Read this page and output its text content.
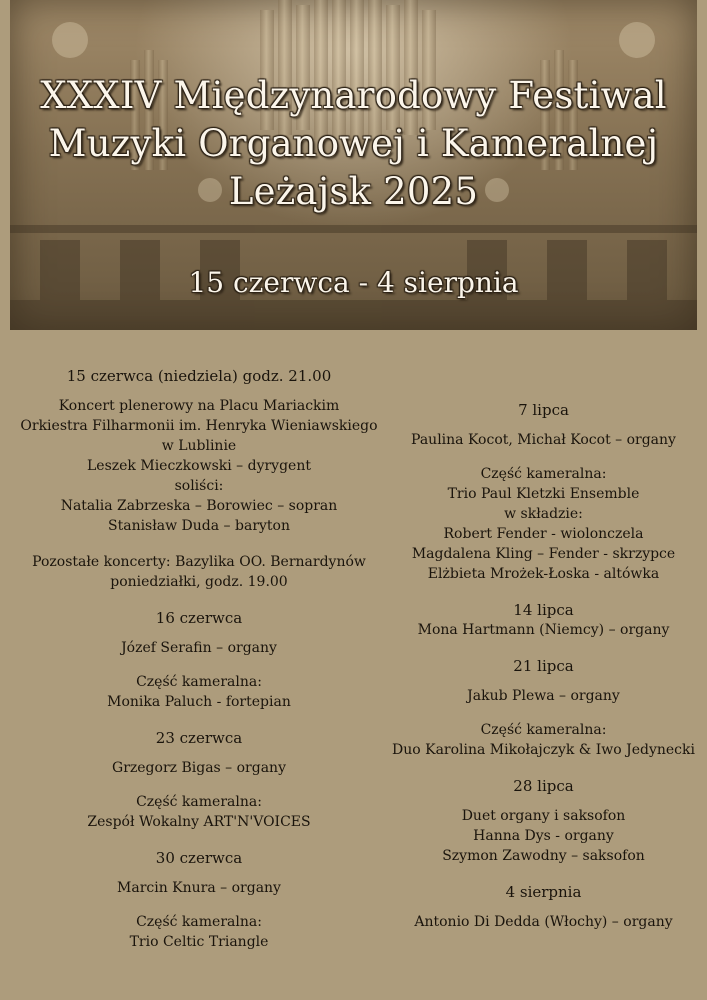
XXXIV Międzynarodowy Festiwal
Muzyki Organowej i Kameralnej
Leżajsk 2025
15 czerwca - 4 sierpnia
15 czerwca (niedziela) godz. 21.00
Koncert plenerowy na Placu Mariackim
Orkiestra Filharmonii im. Henryka Wieniawskiego
w Lublinie
Leszek Mieczkowski – dyrygent
soliści:
Natalia Zabrzeska – Borowiec – sopran
Stanisław Duda – baryton
Pozostałe koncerty: Bazylika OO. Bernardynów
poniedziałki, godz. 19.00
16 czerwca
Józef Serafin – organy
Część kameralna:
Monika Paluch - fortepian
23 czerwca
Grzegorz Bigas – organy
Część kameralna:
Zespół Wokalny ART'N'VOICES
30 czerwca
Marcin Knura – organy
Część kameralna:
Trio Celtic Triangle
7 lipca
Paulina Kocot, Michał Kocot – organy
Część kameralna:
Trio Paul Kletzki Ensemble
w składzie:
Robert Fender - wiolonczela
Magdalena Kling – Fender - skrzypce
Elżbieta Mrożek-Łoska - altówka
14 lipca
Mona Hartmann (Niemcy) – organy
21 lipca
Jakub Plewa – organy
Część kameralna:
Duo Karolina Mikołajczyk & Iwo Jedynecki
28 lipca
Duet organy i saksofon
Hanna Dys - organy
Szymon Zawodny – saksofon
4 sierpnia
Antonio Di Dedda (Włochy) – organy
